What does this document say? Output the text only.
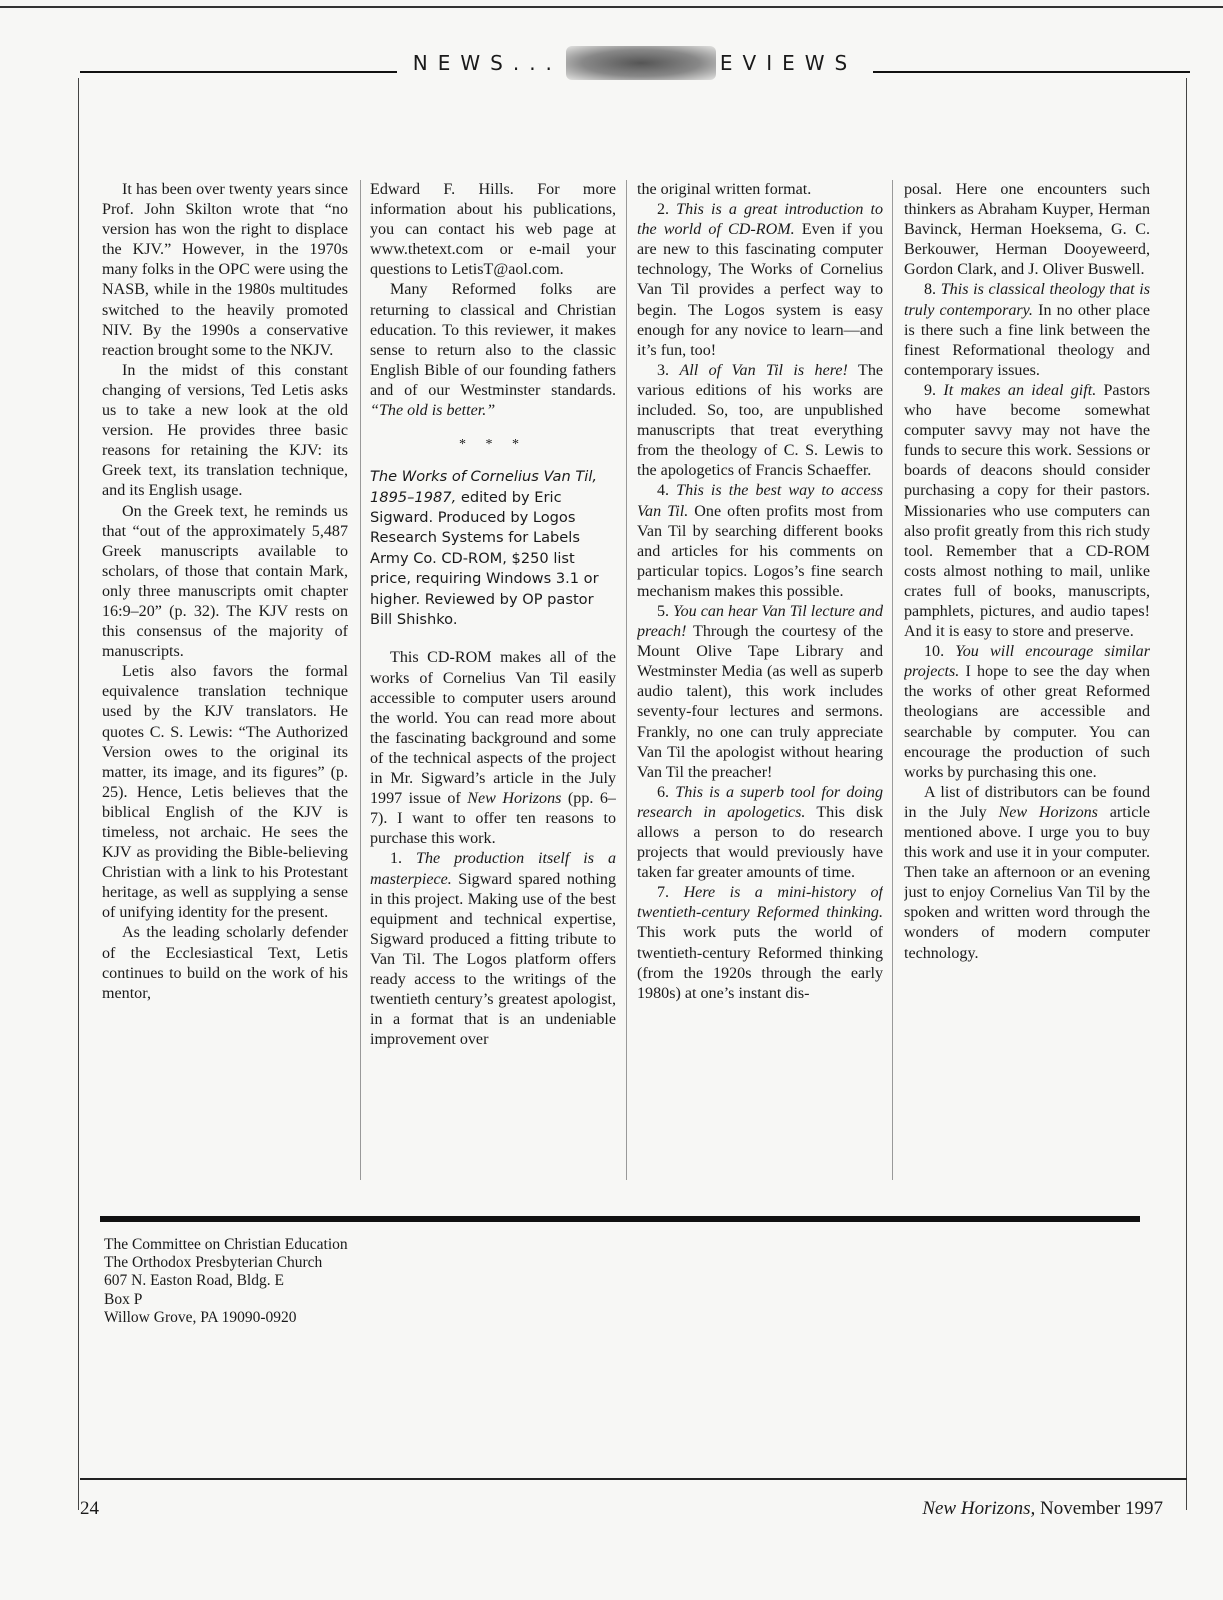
NEWS...	EVIEWS

It has been over twenty years since Prof. John Skilton wrote that “no version has won the right to displace the KJV.” However, in the 1970s many folks in the OPC were using the NASB, while in the 1980s multitudes switched to the heavily promoted NIV. By the 1990s a conservative reaction brought some to the NKJV.

In the midst of this constant changing of versions, Ted Letis asks us to take a new look at the old version. He provides three basic reasons for retaining the KJV: its Greek text, its translation technique, and its English usage.

On the Greek text, he reminds us that “out of the approximately 5,487 Greek manuscripts available to scholars, of those that contain Mark, only three manuscripts omit chapter 16:9–20” (p. 32). The KJV rests on this consensus of the majority of manuscripts.

Letis also favors the formal equivalence translation technique used by the KJV translators. He quotes C. S. Lewis: “The Authorized Version owes to the original its matter, its image, and its figures” (p. 25). Hence, Letis believes that the biblical English of the KJV is timeless, not archaic. He sees the KJV as providing the Bible-believing Christian with a link to his Protestant heritage, as well as supplying a sense of unifying identity for the present.

As the leading scholarly defender of the Ecclesiastical Text, Letis continues to build on the work of his mentor,

Edward F. Hills. For more information about his publications, you can contact his web page at www.thetext.com or e-mail your questions to LetisT@aol.com.

Many Reformed folks are returning to classical and Christian education. To this reviewer, it makes sense to return also to the classic English Bible of our founding fathers and of our Westminster standards. “The old is better.”

* * *
The Works of Cornelius Van Til, 1895–1987, edited by Eric Sigward. Produced by Logos Research Systems for Labels Army Co. CD-ROM, $250 list price, requiring Windows 3.1 or higher. Reviewed by OP pastor Bill Shishko.

This CD-ROM makes all of the works of Cornelius Van Til easily accessible to computer users around the world. You can read more about the fascinating background and some of the technical aspects of the project in Mr. Sigward’s article in the July 1997 issue of New Horizons (pp. 6–7). I want to offer ten reasons to purchase this work.

1. The production itself is a masterpiece. Sigward spared nothing in this project. Making use of the best equipment and technical expertise, Sigward produced a fitting tribute to Van Til. The Logos platform offers ready access to the writings of the twentieth century’s greatest apologist, in a format that is an undeniable improvement over

the original written format.

2. This is a great introduction to the world of CD-ROM. Even if you are new to this fascinating computer technology, The Works of Cornelius Van Til provides a perfect way to begin. The Logos system is easy enough for any novice to learn—and it’s fun, too!

3. All of Van Til is here! The various editions of his works are included. So, too, are unpublished manuscripts that treat everything from the theology of C. S. Lewis to the apologetics of Francis Schaeffer.

4. This is the best way to access Van Til. One often profits most from Van Til by searching different books and articles for his comments on particular topics. Logos’s fine search mechanism makes this possible.

5. You can hear Van Til lecture and preach! Through the courtesy of the Mount Olive Tape Library and Westminster Media (as well as superb audio talent), this work includes seventy-four lectures and sermons. Frankly, no one can truly appreciate Van Til the apologist without hearing Van Til the preacher!

6. This is a superb tool for doing research in apologetics. This disk allows a person to do research projects that would previously have taken far greater amounts of time.

7. Here is a mini-history of twentieth-century Reformed thinking. This work puts the world of twentieth-century Reformed thinking (from the 1920s through the early 1980s) at one’s instant dis-

posal. Here one encounters such thinkers as Abraham Kuyper, Herman Bavinck, Herman Hoeksema, G. C. Berkouwer, Herman Dooyeweerd, Gordon Clark, and J. Oliver Buswell.

8. This is classical theology that is truly contemporary. In no other place is there such a fine link between the finest Reformational theology and contemporary issues.

9. It makes an ideal gift. Pastors who have become somewhat computer savvy may not have the funds to secure this work. Sessions or boards of deacons should consider purchasing a copy for their pastors. Missionaries who use computers can also profit greatly from this rich study tool. Remember that a CD-ROM costs almost nothing to mail, unlike crates full of books, manuscripts, pamphlets, pictures, and audio tapes! And it is easy to store and preserve.

10. You will encourage similar projects. I hope to see the day when the works of other great Reformed theologians are accessible and searchable by computer. You can encourage the production of such works by purchasing this one.

A list of distributors can be found in the July New Horizons article mentioned above. I urge you to buy this work and use it in your computer. Then take an afternoon or an evening just to enjoy Cornelius Van Til by the spoken and written word through the wonders of modern computer technology.

The Committee on Christian Education
The Orthodox Presbyterian Church
607 N. Easton Road, Bldg. E
Box P
Willow Grove, PA 19090-0920
24	New Horizons, November 1997
